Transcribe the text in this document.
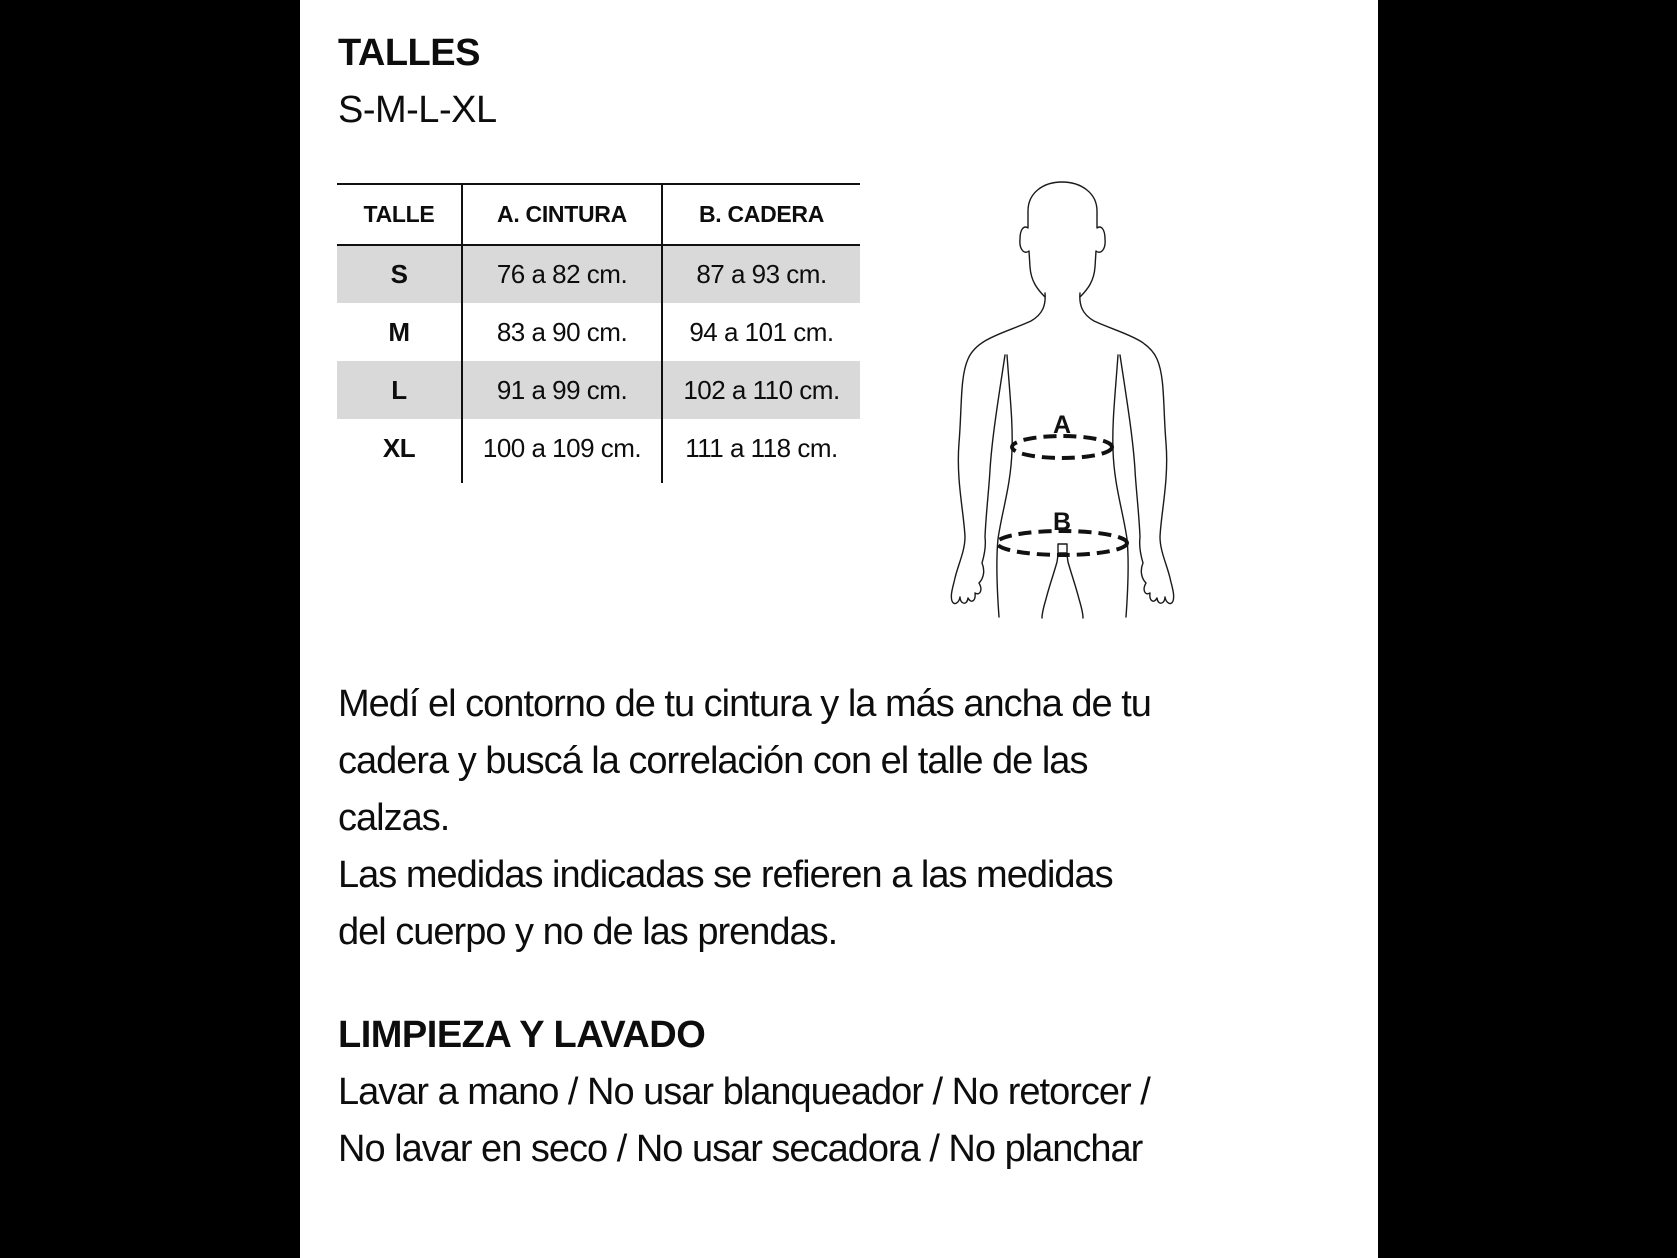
TALLES
S-M-L-XL
TALLE	A. CINTURA	B. CADERA
S	76 a 82 cm.	87 a 93 cm.
M	83 a 90 cm.	94 a 101 cm.
L	91 a 99 cm.	102 a 110 cm.
XL	100 a 109 cm.	111 a 118 cm.

A
B
Medí el contorno de tu cintura y la más ancha de tu
cadera y buscá la correlación con el talle de las
calzas.
Las medidas indicadas se refieren a las medidas
del cuerpo y no de las prendas.
LIMPIEZA Y LAVADO
Lavar a mano / No usar blanqueador / No retorcer /
No lavar en seco / No usar secadora / No planchar
